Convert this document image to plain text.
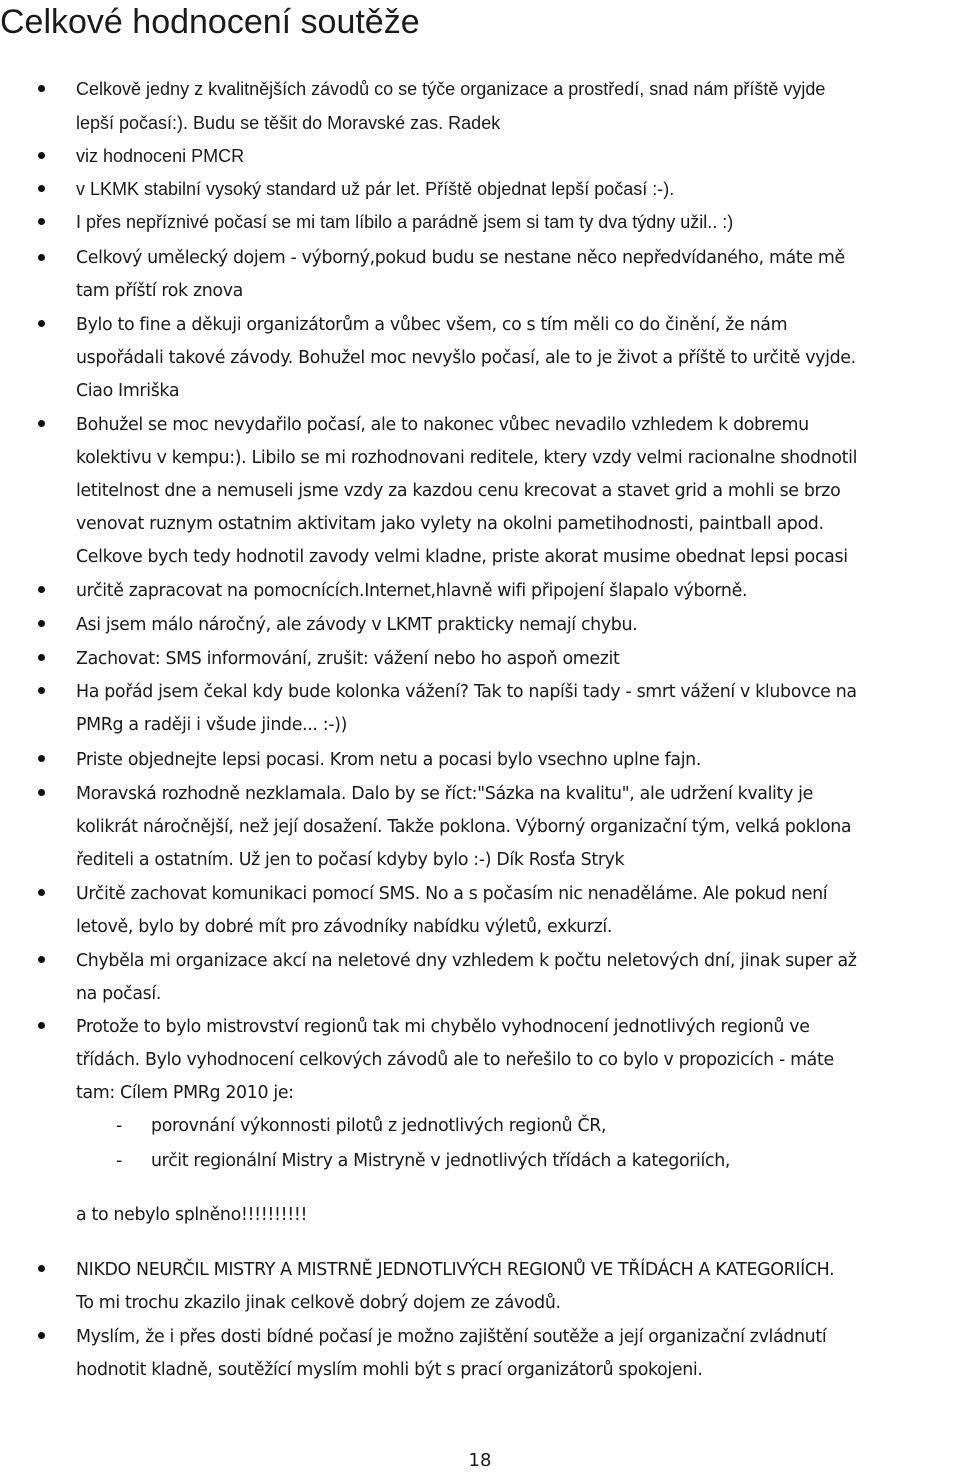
Celkové hodnocení soutěže
Celkově jedny z kvalitnějších závodů co se týče organizace a prostředí, snad nám příště vyjde
lepší počasí:). Budu se těšit do Moravské zas. Radek
viz hodnoceni PMCR
v LKMK stabilní vysoký standard už pár let. Příště objednat lepší počasí :-).
I přes nepříznivé počasí se mi tam líbilo a parádně jsem si tam ty dva týdny užil.. :)
Celkový umělecký dojem - výborný,pokud budu se nestane něco nepředvídaného, máte mě
tam příští rok znova
Bylo to fine a děkuji organizátorům a vůbec všem, co s tím měli co do činění, že nám
uspořádali takové závody. Bohužel moc nevyšlo počasí, ale to je život a příště to určitě vyjde.
Ciao Imriška
Bohužel se moc nevydařilo počasí, ale to nakonec vůbec nevadilo vzhledem k dobremu
kolektivu v kempu:). Libilo se mi rozhodnovani reditele, ktery vzdy velmi racionalne shodnotil
letitelnost dne a nemuseli jsme vzdy za kazdou cenu krecovat a stavet grid a mohli se brzo
venovat ruznym ostatnim aktivitam jako vylety na okolni pametihodnosti, paintball apod.
Celkove bych tedy hodnotil zavody velmi kladne, priste akorat musime obednat lepsi pocasi
určitě zapracovat na pomocnících.Internet,hlavně wifi připojení šlapalo výborně.
Asi jsem málo náročný, ale závody v LKMT prakticky nemají chybu.
Zachovat: SMS informování, zrušit: vážení nebo ho aspoň omezit
Ha pořád jsem čekal kdy bude kolonka vážení? Tak to napíši tady - smrt vážení v klubovce na
PMRg a raději i všude jinde... :-))
Priste objednejte lepsi pocasi. Krom netu a pocasi bylo vsechno uplne fajn.
Moravská rozhodně nezklamala. Dalo by se říct:"Sázka na kvalitu", ale udržení kvality je
kolikrát náročnější, než její dosažení. Takže poklona. Výborný organizační tým, velká poklona
řediteli a ostatním. Už jen to počasí kdyby bylo :-) Dík Rosťa Stryk
Určitě zachovat komunikaci pomocí SMS. No a s počasím nic nenaděláme. Ale pokud není
letově, bylo by dobré mít pro závodníky nabídku výletů, exkurzí.
Chyběla mi organizace akcí na neletové dny vzhledem k počtu neletových dní, jinak super až
na počasí.
Protože to bylo mistrovství regionů tak mi chybělo vyhodnocení jednotlivých regionů ve
třídách. Bylo vyhodnocení celkových závodů ale to neřešilo to co bylo v propozicích - máte
tam: Cílem PMRg 2010 je:
- porovnání výkonnosti pilotů z jednotlivých regionů ČR,
- určit regionální Mistry a Mistryně v jednotlivých třídách a kategoriích,
a to nebylo splněno!!!!!!!!!!
NIKDO NEURČIL MISTRY A MISTRNĚ JEDNOTLIVÝCH REGIONŮ VE TŘÍDÁCH A KATEGORIÍCH.
To mi trochu zkazilo jinak celkově dobrý dojem ze závodů.
Myslím, že i přes dosti bídné počasí je možno zajištění soutěže a její organizační zvládnutí
hodnotit kladně, soutěžící myslím mohli být s prací organizátorů spokojeni.
18
